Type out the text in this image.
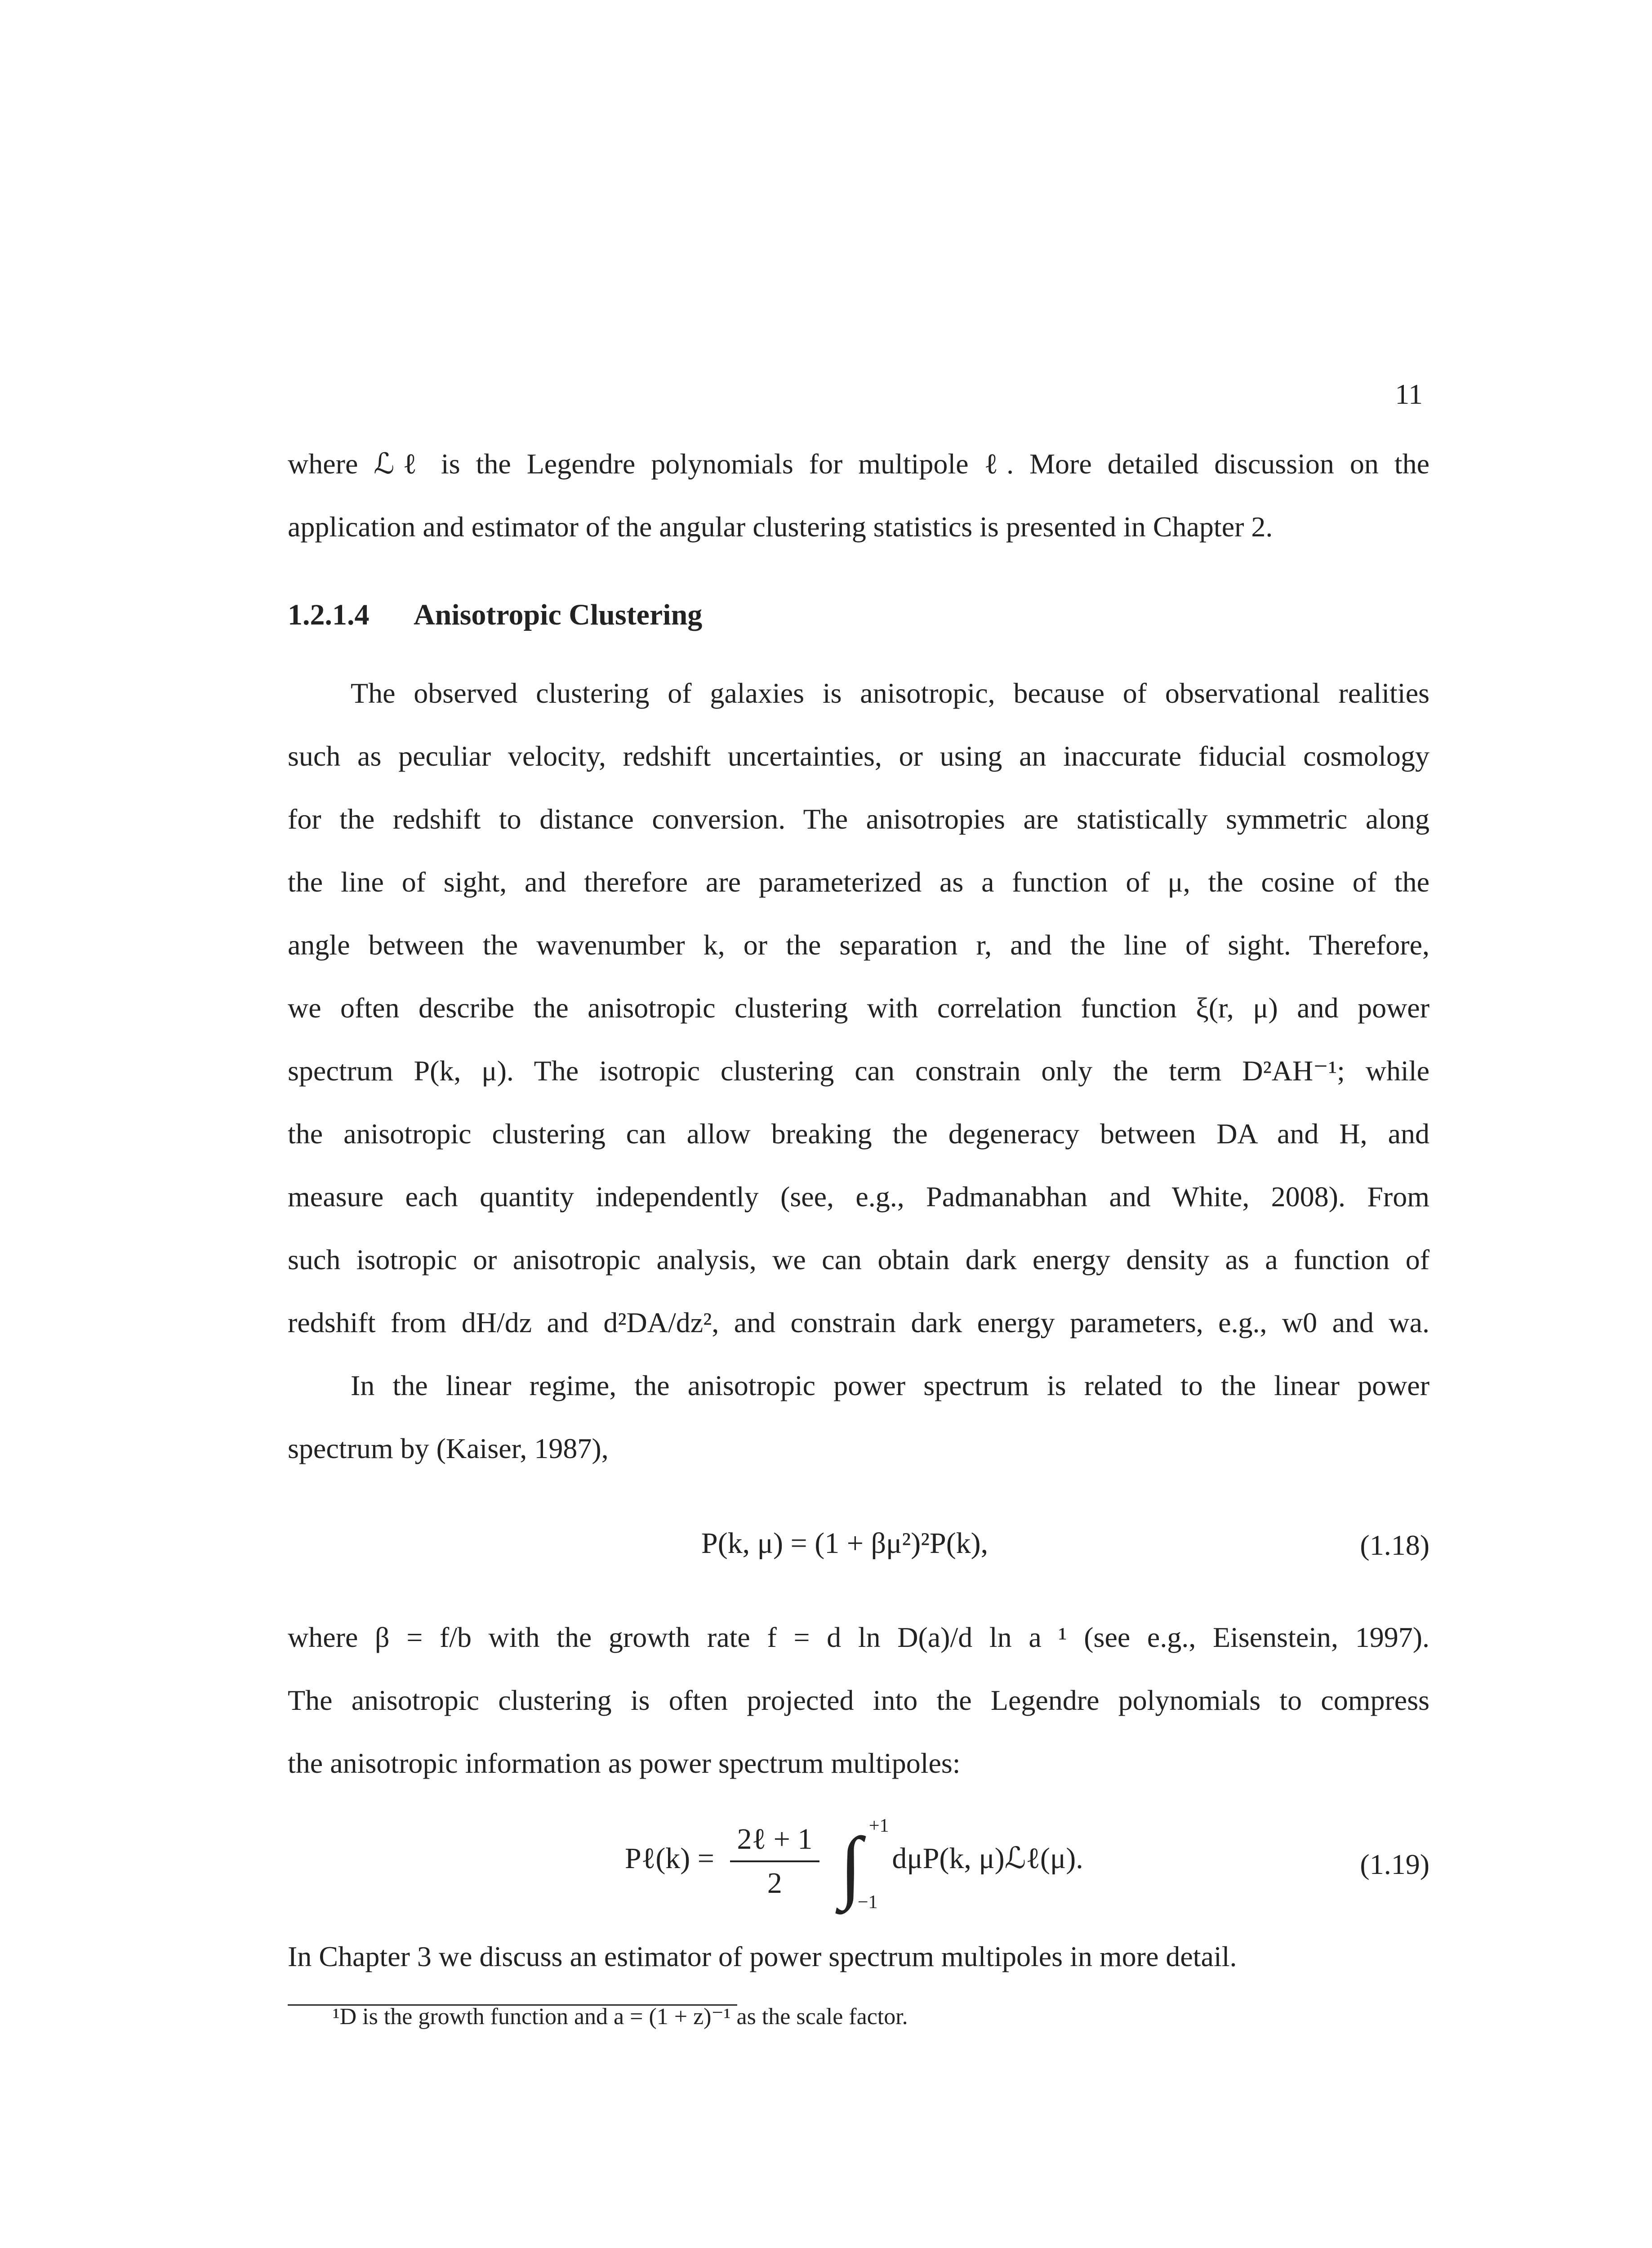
11
where ℒℓ is the Legendre polynomials for multipole ℓ. More detailed discussion on the
application and estimator of the angular clustering statistics is presented in Chapter 2.
1.2.1.4 Anisotropic Clustering
The observed clustering of galaxies is anisotropic, because of observational realities
such as peculiar velocity, redshift uncertainties, or using an inaccurate fiducial cosmology
for the redshift to distance conversion. The anisotropies are statistically symmetric along
the line of sight, and therefore are parameterized as a function of μ, the cosine of the
angle between the wavenumber k, or the separation r, and the line of sight. Therefore,
we often describe the anisotropic clustering with correlation function ξ(r, μ) and power
spectrum P(k, μ). The isotropic clustering can constrain only the term D²AH⁻¹; while
the anisotropic clustering can allow breaking the degeneracy between DA and H, and
measure each quantity independently (see, e.g., Padmanabhan and White, 2008). From
such isotropic or anisotropic analysis, we can obtain dark energy density as a function of
redshift from dH/dz and d²DA/dz², and constrain dark energy parameters, e.g., w0 and wa.
In the linear regime, the anisotropic power spectrum is related to the linear power
spectrum by (Kaiser, 1987),
P(k, μ) = (1 + βμ²)²P(k),	(1.18)
where β = f/b with the growth rate f = d ln D(a)/d ln a ¹ (see e.g., Eisenstein, 1997).
The anisotropic clustering is often projected into the Legendre polynomials to compress
the anisotropic information as power spectrum multipoles:
Pℓ(k) = $\frac{\text{2ℓ + 1}}{2}$
∫ +1
−1
dμP(k, μ)ℒℓ(μ).	(1.19)
In Chapter 3 we discuss an estimator of power spectrum multipoles in more detail.
¹D is the growth function and a = (1 + z)⁻¹ as the scale factor.
